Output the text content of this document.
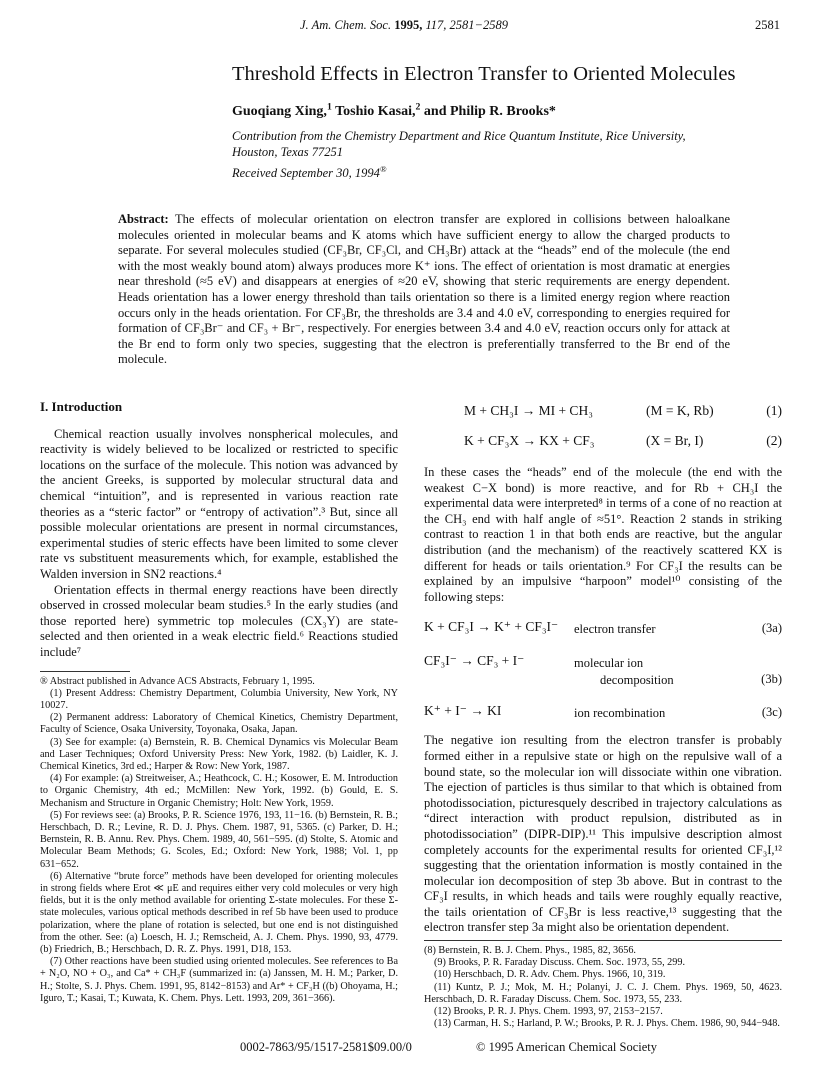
J. Am. Chem. Soc. 1995, 117, 2581−2589	2581
Threshold Effects in Electron Transfer to Oriented Molecules
Guoqiang Xing,$^1$ Toshio Kasai,$^2$ and Philip R. Brooks*
Contribution from the Chemistry Department and Rice Quantum Institute, Rice University,
Houston, Texas 77251
Received September 30, 1994®
Abstract: The effects of molecular orientation on electron transfer are explored in collisions between haloalkane molecules oriented in molecular beams and K atoms which have sufficient energy to allow the charged products to separate. For several molecules studied (CF₃Br, CF₃Cl, and CH₃Br) attack at the “heads” end of the molecule (the end with the most weakly bound atom) always produces more K⁺ ions. The effect of orientation is most dramatic at energies near threshold (≈5 eV) and disappears at energies of ≈20 eV, showing that steric requirements are energy dependent. Heads orientation has a lower energy threshold than tails orientation so there is a limited energy region where reaction occurs only in the heads orientation. For CF₃Br, the thresholds are 3.4 and 4.0 eV, corresponding to energies required for formation of CF₃Br⁻ and CF₃ + Br⁻, respectively. For energies between 3.4 and 4.0 eV, reaction occurs only for attack at the Br end to form only two species, suggesting that the electron is preferentially transferred to the Br end of the molecule.
I. Introduction

Chemical reaction usually involves nonspherical molecules, and reactivity is widely believed to be localized or restricted to specific locations on the surface of the molecule. This notion was advanced by the ancient Greeks, is supported by molecular structural data and chemical “intuition”, and is represented in various reaction rate theories as a “steric factor” or “entropy of activation”.³ But, since all possible molecular orientations are present in normal circumstances, experimental studies of steric effects have been limited to some clever rate vs substituent measurements which, for example, established the Walden inversion in SN2 reactions.⁴

Orientation effects in thermal energy reactions have been directly observed in crossed molecular beam studies.⁵ In the early studies (and those reported here) symmetric top molecules (CX₃Y) are state-selected and then oriented in a weak electric field.⁶ Reactions studied include⁷

® Abstract published in Advance ACS Abstracts, February 1, 1995.

(1) Present Address: Chemistry Department, Columbia University, New York, NY 10027.

(2) Permanent address: Laboratory of Chemical Kinetics, Chemistry Department, Faculty of Science, Osaka University, Toyonaka, Osaka, Japan.

(3) See for example: (a) Bernstein, R. B. Chemical Dynamics vis Molecular Beam and Laser Techniques; Oxford University Press: New York, 1982. (b) Laidler, K. J. Chemical Kinetics, 3rd ed.; Harper & Row: New York, 1987.

(4) For example: (a) Streitweiser, A.; Heathcock, C. H.; Kosower, E. M. Introduction to Organic Chemistry, 4th ed.; McMillen: New York, 1992. (b) Gould, E. S. Mechanism and Structure in Organic Chemistry; Holt: New York, 1959.

(5) For reviews see: (a) Brooks, P. R. Science 1976, 193, 11−16. (b) Bernstein, R. B.; Herschbach, D. R.; Levine, R. D. J. Phys. Chem. 1987, 91, 5365. (c) Parker, D. H.; Bernstein, R. B. Annu. Rev. Phys. Chem. 1989, 40, 561−595. (d) Stolte, S. Atomic and Molecular Beam Methods; G. Scoles, Ed.; Oxford: New York, 1988; Vol. 1, pp 631−652.

(6) Alternative “brute force” methods have been developed for orienting molecules in strong fields where Erot ≪ μE and requires either very cold molecules or very high fields, but it is the only method available for orienting Σ-state molecules. For these Σ-state molecules, various optical methods described in ref 5b have been used to produce polarization, where the plane of rotation is selected, but one end is not distinguished from the other. See: (a) Loesch, H. J.; Remscheid, A. J. Chem. Phys. 1990, 93, 4779. (b) Friedrich, B.; Herschbach, D. R. Z. Phys. 1991, D18, 153.

(7) Other reactions have been studied using oriented molecules. See references to Ba + N₂O, NO + O₃, and Ca* + CH₃F (summarized in: (a) Janssen, M. H. M.; Parker, D. H.; Stolte, S. J. Phys. Chem. 1991, 95, 8142−8153) and Ar* + CF₃H ((b) Ohoyama, H.; Iguro, T.; Kasai, T.; Kuwata, K. Chem. Phys. Lett. 1993, 209, 361−366).

M + CH₃I → MI + CH₃	(M = K, Rb)	(1)
K + CF₃X → KX + CF₃	(X = Br, I)	(2)

In these cases the “heads” end of the molecule (the end with the weakest C−X bond) is more reactive, and for Rb + CH₃I the experimental data were interpreted⁸ in terms of a cone of no reaction at the CH₃ end with half angle of ≈51°. Reaction 2 stands in striking contrast to reaction 1 in that both ends are reactive, but the angular distribution (and the mechanism) of the reactively scattered KX is different for heads or tails orientation.⁹ For CF₃I the results can be explained by an impulsive “harpoon” model¹⁰ consisting of the following steps:

K + CF₃I → K⁺ + CF₃I⁻ electron transfer	(3a)
CF₃I⁻ → CF₃ + I⁻	molecular ion
decomposition	(3b)
K⁺ + I⁻ → KI	ion recombination	(3c)

The negative ion resulting from the electron transfer is probably formed either in a repulsive state or high on the repulsive wall of a bound state, so the molecular ion will dissociate within one vibration. The ejection of particles is thus similar to that which is obtained from photodissociation, picturesquely described in trajectory calculations as “direct interaction with product repulsion, distributed as in photodissociation” (DIPR-DIP).¹¹ This impulsive description almost completely accounts for the experimental results for oriented CF₃I,¹² suggesting that the orientation information is mostly contained in the molecular ion decomposition of step 3b above. But in contrast to the CF₃I results, in which heads and tails were roughly equally reactive, the tails orientation of CF₃Br is less reactive,¹³ suggesting that the electron transfer step 3a might also be orientation dependent.

(8) Bernstein, R. B. J. Chem. Phys., 1985, 82, 3656.

(9) Brooks, P. R. Faraday Discuss. Chem. Soc. 1973, 55, 299.

(10) Herschbach, D. R. Adv. Chem. Phys. 1966, 10, 319.

(11) Kuntz, P. J.; Mok, M. H.; Polanyi, J. C. J. Chem. Phys. 1969, 50, 4623. Herschbach, D. R. Faraday Discuss. Chem. Soc. 1973, 55, 233.

(12) Brooks, P. R. J. Phys. Chem. 1993, 97, 2153−2157.

(13) Carman, H. S.; Harland, P. W.; Brooks, P. R. J. Phys. Chem. 1986, 90, 944−948.

0002-7863/95/1517-2581$09.00/0	© 1995 American Chemical Society
